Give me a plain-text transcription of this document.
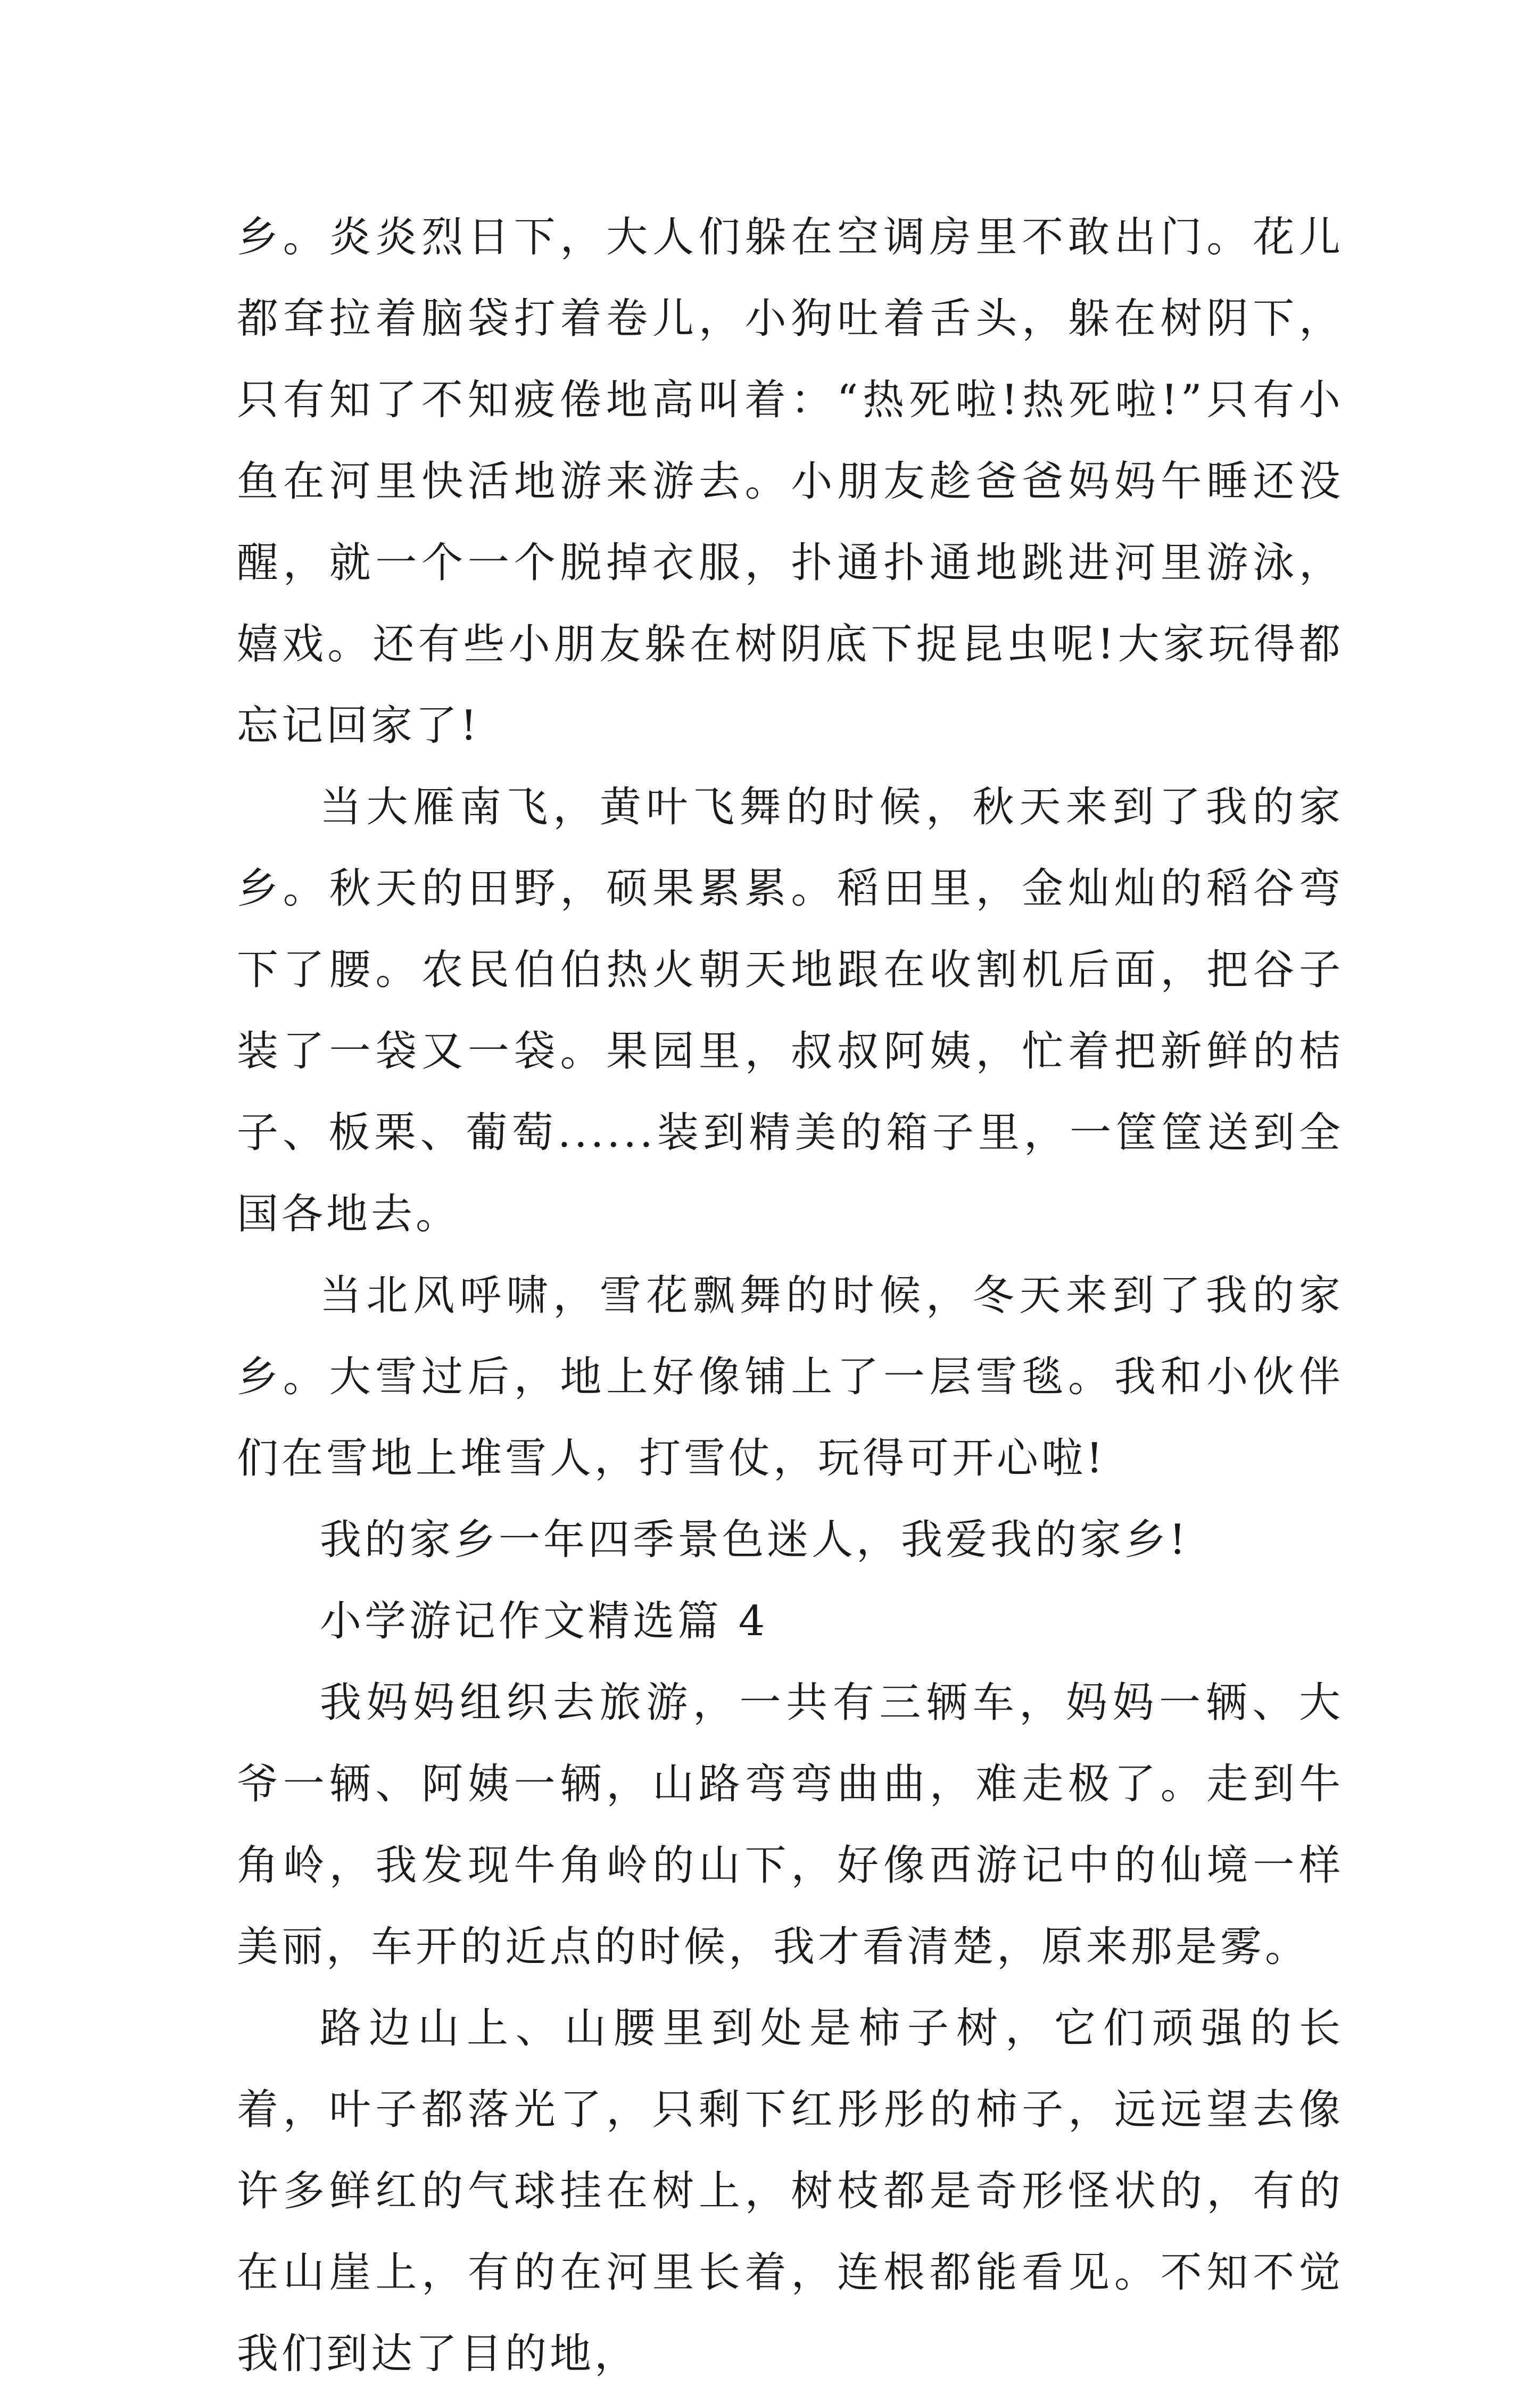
乡。炎炎烈日下，大人们躲在空调房里不敢出门。花儿都耷拉着脑袋打着卷儿，小狗吐着舌头，躲在树阴下，只有知了不知疲倦地高叫着：“热死啦!热死啦!”只有小鱼在河里快活地游来游去。小朋友趁爸爸妈妈午睡还没醒，就一个一个脱掉衣服，扑通扑通地跳进河里游泳，嬉戏。还有些小朋友躲在树阴底下捉昆虫呢!大家玩得都忘记回家了!

当大雁南飞，黄叶飞舞的时候，秋天来到了我的家乡。秋天的田野，硕果累累。稻田里，金灿灿的稻谷弯下了腰。农民伯伯热火朝天地跟在收割机后面，把谷子装了一袋又一袋。果园里，叔叔阿姨，忙着把新鲜的桔子、板栗、葡萄......装到精美的箱子里，一筐筐送到全国各地去。

当北风呼啸，雪花飘舞的时候，冬天来到了我的家乡。大雪过后，地上好像铺上了一层雪毯。我和小伙伴们在雪地上堆雪人，打雪仗，玩得可开心啦!

我的家乡一年四季景色迷人，我爱我的家乡!

小学游记作文精选篇 4

我妈妈组织去旅游，一共有三辆车，妈妈一辆、大爷一辆、阿姨一辆，山路弯弯曲曲，难走极了。走到牛角岭，我发现牛角岭的山下，好像西游记中的仙境一样美丽，车开的近点的时候，我才看清楚，原来那是雾。

路边山上、山腰里到处是柿子树，它们顽强的长着，叶子都落光了，只剩下红彤彤的柿子，远远望去像许多鲜红的气球挂在树上，树枝都是奇形怪状的，有的在山崖上，有的在河里长着，连根都能看见。不知不觉我们到达了目的地，
